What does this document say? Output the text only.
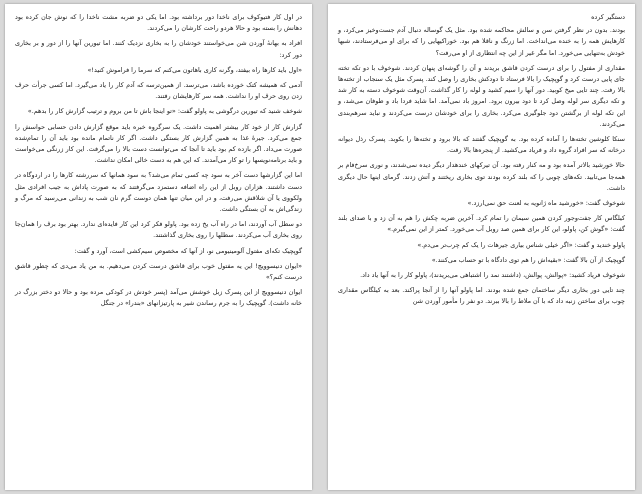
در اول کار فتیوکوف برای ناخدا دور برداشته بود. اما یکی دو ضربه مشت ناخدا را که نوش جان کرده بود دهانش را بسته بود و حالا هردو راحت کارشان را می‌کردند.

افراد به بهانهٔ آوردن شن می‌خواستند خودشان را به بخاری نزدیک کنند. اما تیورین آنها را از دور و بر بخاری دور کرد:

«اول باید کارها راه بیفتد، وگرنه کاری باهاتون می‌کنم که سرما را فراموش کنید!»

آدمی که همیشه کتک خورده باشد، می‌ترسد. از همین‌ترسه که آدم کار را یاد می‌گیرد. اما کسی جرأت حرف زدن روی حرف او را نداشت. همه سر کارهایشان رفتند.

شوخف شنید که تیورین درگوشی به پاولو گفت: «تو اینجا باش تا من بروم و ترتیب گزارش کار را بدهم.»

گزارش کار از خود کار بیشتر اهمیت داشت. یک سرگروه خبره باید موقع گزارش دادن حسابی حواسش را جمع می‌کرد. جیرهٔ غذا به همین گزارش کار بستگی داشت. اگر کار ناتمام مانده بود باید آن را تمام‌شده صورت می‌داد. اگر بازده کم بود باید تا آنجا که می‌توانست دست بالا را می‌گرفت. این کار زرنگی می‌خواست و باید برنامه‌نویسها را تو کار می‌آمدند. که این هم به دست خالی امکان نداشت.

اما این گزارشها دست آخر به سود چه کسی تمام می‌شد؟ به سود همانها که سررشته کارها را در اردوگاه در دست داشتند. هزاران روبل از این راه اضافه دستمزد می‌گرفتند که به صورت پاداش به جیب افرادی مثل ولکووی یا آن شلاقش می‌رفت، و در این میان تنها همان دوست گرم نان شب به زندانی می‌رسید که مرگ و زندگی‌اش به آن بستگی داشت.

دو سطل آب آوردند، اما در راه آب یخ زده بود. پاولو فکر کرد این کار فایده‌ای ندارد. بهتر بود برف را همان‌جا روی بخاری آب می‌کردند. سطلها را روی بخاری گذاشتند.

گوپچیک تکه‌ای مفتول آلومینیومی نو، از آنها که مخصوص سیم‌کشی است، آورد و گفت:

«ایوان دنیسوویچ! این یه مفتول خوب برای قاشق درست کردن می‌دهیم. به من یاد می‌دی که چطور قاشق درست کنم؟»

ایوان دنیسوویچ از این پسرک زبل خوشش می‌آمد (پسر خودش در کودکی مرده بود و حالا دو دختر بزرگ در خانه داشت). گوپچیک را به جرم رساندن شیر به پارتیزانهای «بندرا» در جنگل

دستگیر کرده

بودند. بدون در نظر گرفتن سن و سالش محاکمه شده بود. مثل یک گوساله دنبال آدم جست‌وخیز می‌کرد، و کارهایش همه را به خنده می‌انداخت. اما زرنگ و ناقلا هم بود. خوراکیهایی را که برای او می‌فرستادند، شبها خودش به‌تنهایی می‌خورد. اما مگر غیر از این چه انتظاری از او می‌رفت؟

مقداری از مفتول را برای درست کردن قاشق بریدند و آن را گوشه‌ای پنهان کردند. شوخوف با دو تکه تخته جای پایی درست کرد و گوپچیک را بالا فرستاد تا دودکش بخاری را وصل کند. پسرک مثل یک سنجاب از تخته‌ها بالا رفت. چند تایی میخ کوبید. دور آنها را سیم کشید و لوله را کار گذاشت. آن‌وقت شوخوف دسته‌ به کار شد و تکه دیگری سر لوله وصل کرد تا دود بیرون برود. امروز باد نمی‌آمد. اما شاید فردا باد و طوفان می‌شد، و این تکه لوله از برگشتن دود جلوگیری می‌کرد. بخاری را برای خودشان درست می‌کردند و نباید سرهم‌بندی می‌کردند.

سنکا کلوشین تخته‌ها را آماده کرده بود. به گوپچیک گفتند که بالا برود و تخته‌ها را بکوبد. پسرک رذل دیوانه درخانه که سر افراد گروه داد و فریاد می‌کشید. از پنجره‌ها بالا رفت.

حالا خورشید بالاتر آمده بود و مه کنار رفته بود. آن تیرکهای خندهدار دیگر دیده نمی‌شدند، و نوری سرخ‌فام بر همه‌جا می‌تابید. تکه‌های چوبی را که بلند کرده بودند توی بخاری ریختند و آتش زدند. گرمای اینها حال دیگری داشت.

شوخوف گفت: «خورشید ماه ژانویه به لعنت حق نمی‌ارزد.»

کیلگاس کار جفت‌وجور کردن همین سیمان را تمام کرد. آخرین ضربه چکش را هم به آن زد و با صدای بلند گفت: «گوش کن، پاولو، این کار برای همین صد روبل آب می‌خورد. کمتر از این نمی‌گیرم.»

پاولو خندید و گفت: «اگر خیلی شناس بیاری جیرهات را یک کم چرب‌تر می‌دم.»

گوپچیک از آن بالا گفت: «بقیه‌اش را هم توی دادگاه با تو حساب می‌کنند.»

شوخوف فریاد کشید: «پوالش، پوالش، (داشتند نمد را اشتباهی می‌بریدند)، پاولو کار را به آنها یاد داد.

چند تایی دور بخاری دیگر ساختمان جمع شده بودند. اما پاولو آنها را از آنجا پراکند. بعد به کیلگاس مقداری چوب برای ساختن زنبه داد که با آن ملاط را بالا ببرند. دو نفر را مأمور آوردن شن
